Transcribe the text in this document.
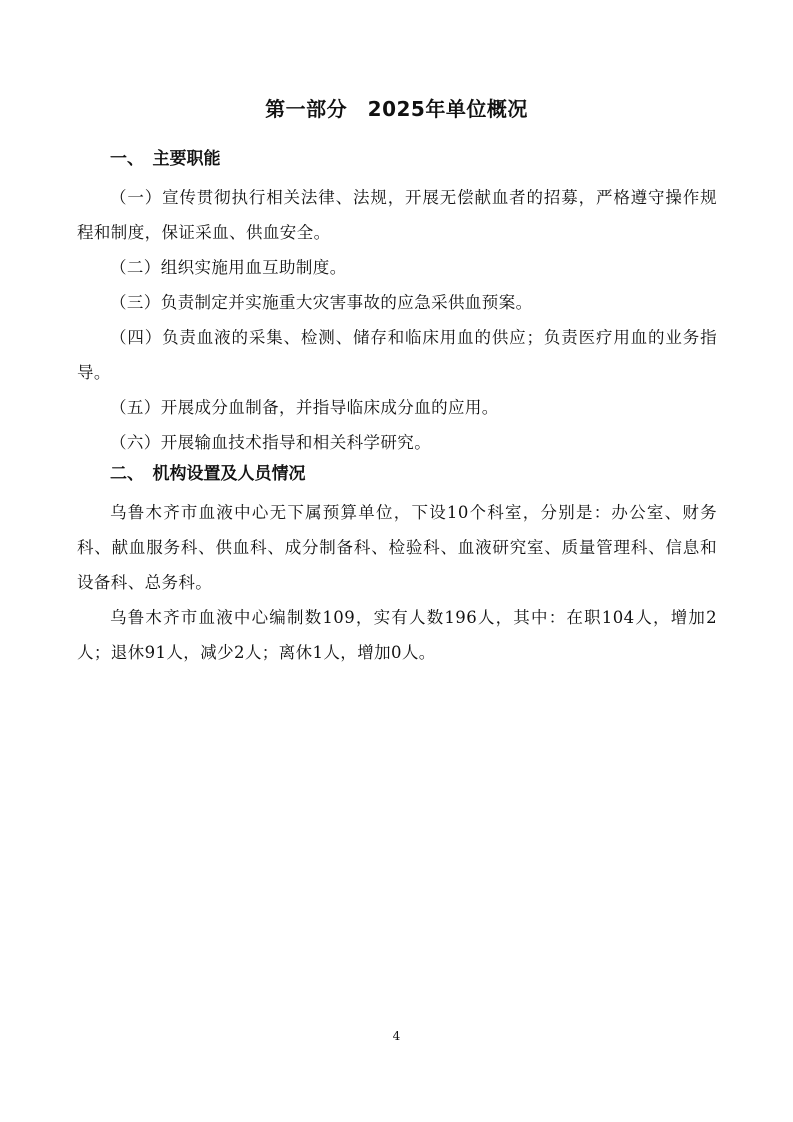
第一部分　2025年单位概况
一、　主要职能

（一）宣传贯彻执行相关法律、法规，开展无偿献血者的招募，严格遵守操作规程和制度，保证采血、供血安全。

（二）组织实施用血互助制度。

（三）负责制定并实施重大灾害事故的应急采供血预案。

（四）负责血液的采集、检测、储存和临床用血的供应；负责医疗用血的业务指导。

（五）开展成分血制备，并指导临床成分血的应用。

（六）开展输血技术指导和相关科学研究。

二、　机构设置及人员情况

乌鲁木齐市血液中心无下属预算单位，下设10个科室，分别是：办公室、财务科、献血服务科、供血科、成分制备科、检验科、血液研究室、质量管理科、信息和设备科、总务科。

乌鲁木齐市血液中心编制数109，实有人数196人，其中：在职104人，增加2人；退休91人，减少2人；离休1人，增加0人。

4
